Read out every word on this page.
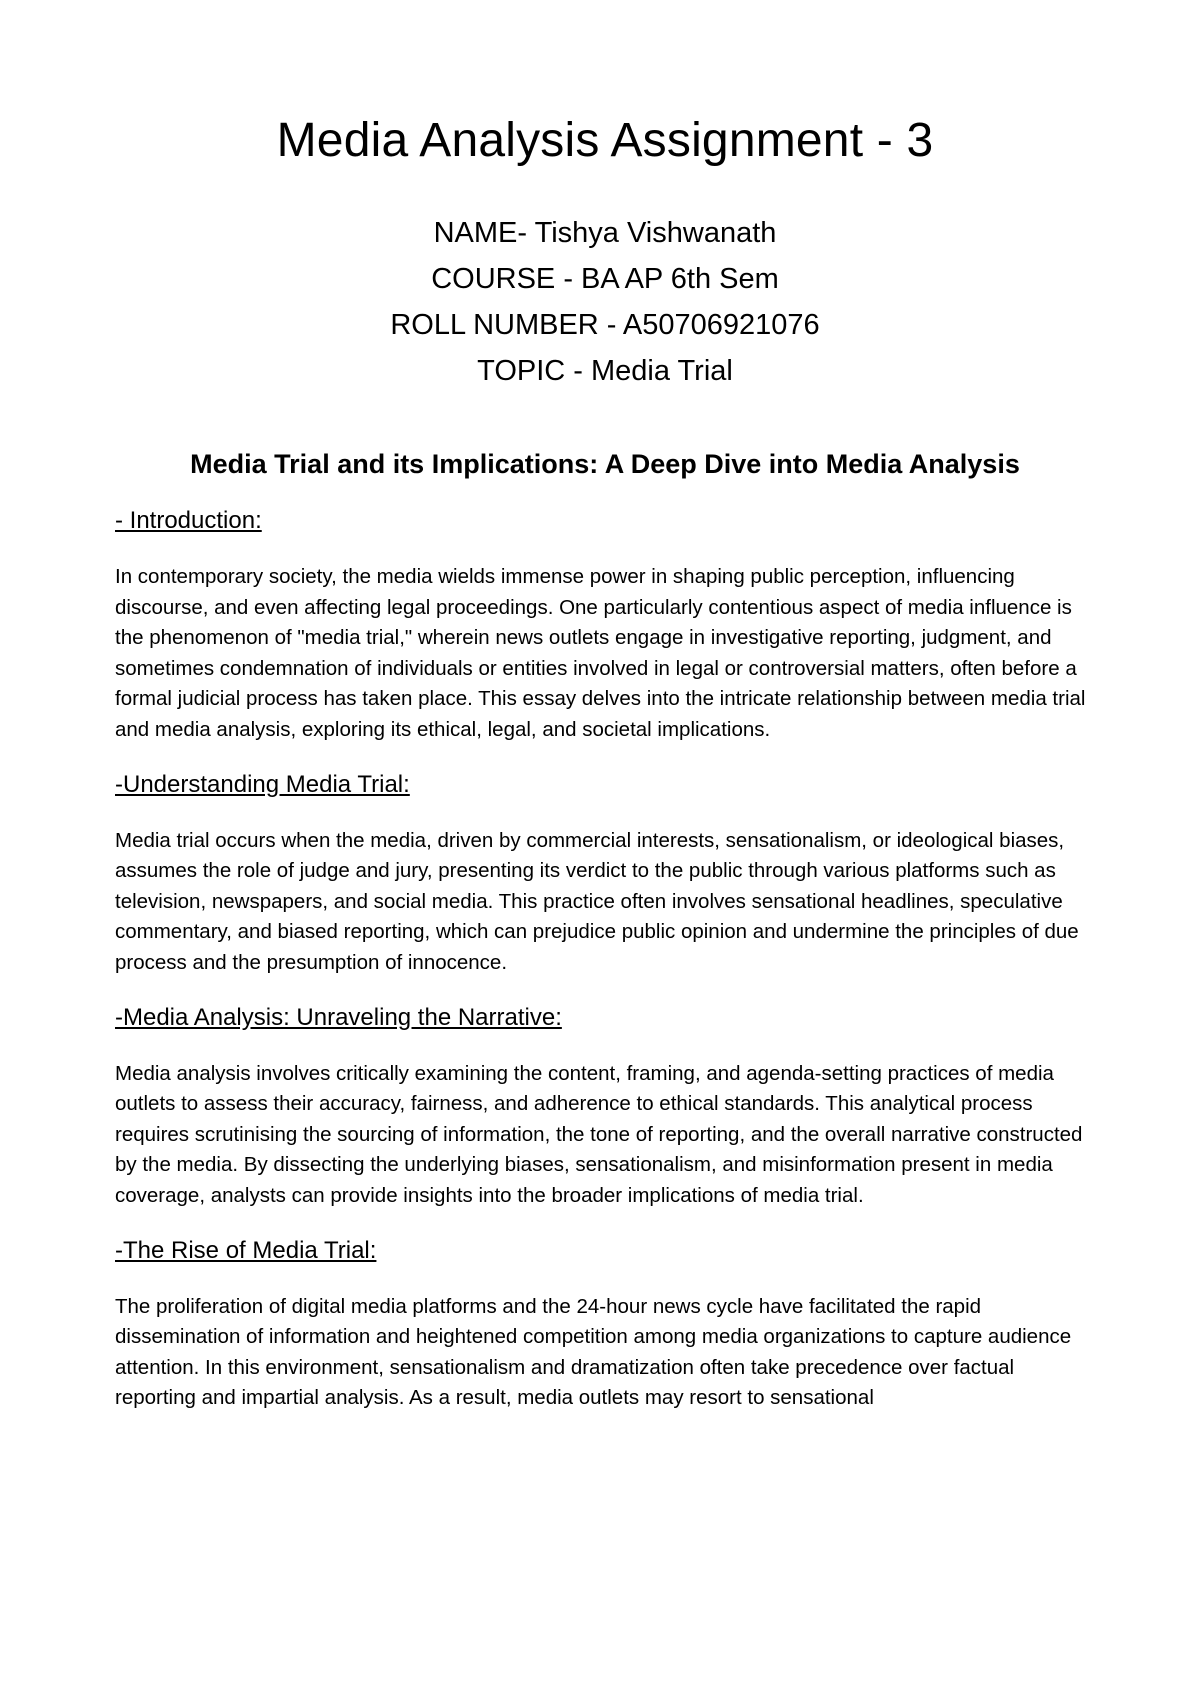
Media Analysis Assignment - 3
NAME- Tishya Vishwanath
COURSE - BA AP 6th Sem
ROLL NUMBER - A50706921076
TOPIC - Media Trial
Media Trial and its Implications: A Deep Dive into Media Analysis
- Introduction:

In contemporary society, the media wields immense power in shaping public perception, influencing discourse, and even affecting legal proceedings. One particularly contentious aspect of media influence is the phenomenon of "media trial," wherein news outlets engage in investigative reporting, judgment, and sometimes condemnation of individuals or entities involved in legal or controversial matters, often before a formal judicial process has taken place. This essay delves into the intricate relationship between media trial and media analysis, exploring its ethical, legal, and societal implications.

-Understanding Media Trial:

Media trial occurs when the media, driven by commercial interests, sensationalism, or ideological biases, assumes the role of judge and jury, presenting its verdict to the public through various platforms such as television, newspapers, and social media. This practice often involves sensational headlines, speculative commentary, and biased reporting, which can prejudice public opinion and undermine the principles of due process and the presumption of innocence.

-Media Analysis: Unraveling the Narrative:

Media analysis involves critically examining the content, framing, and agenda-setting practices of media outlets to assess their accuracy, fairness, and adherence to ethical standards. This analytical process requires scrutinising the sourcing of information, the tone of reporting, and the overall narrative constructed by the media. By dissecting the underlying biases, sensationalism, and misinformation present in media coverage, analysts can provide insights into the broader implications of media trial.

-The Rise of Media Trial:

The proliferation of digital media platforms and the 24-hour news cycle have facilitated the rapid dissemination of information and heightened competition among media organizations to capture audience attention. In this environment, sensationalism and dramatization often take precedence over factual reporting and impartial analysis. As a result, media outlets may resort to sensational
